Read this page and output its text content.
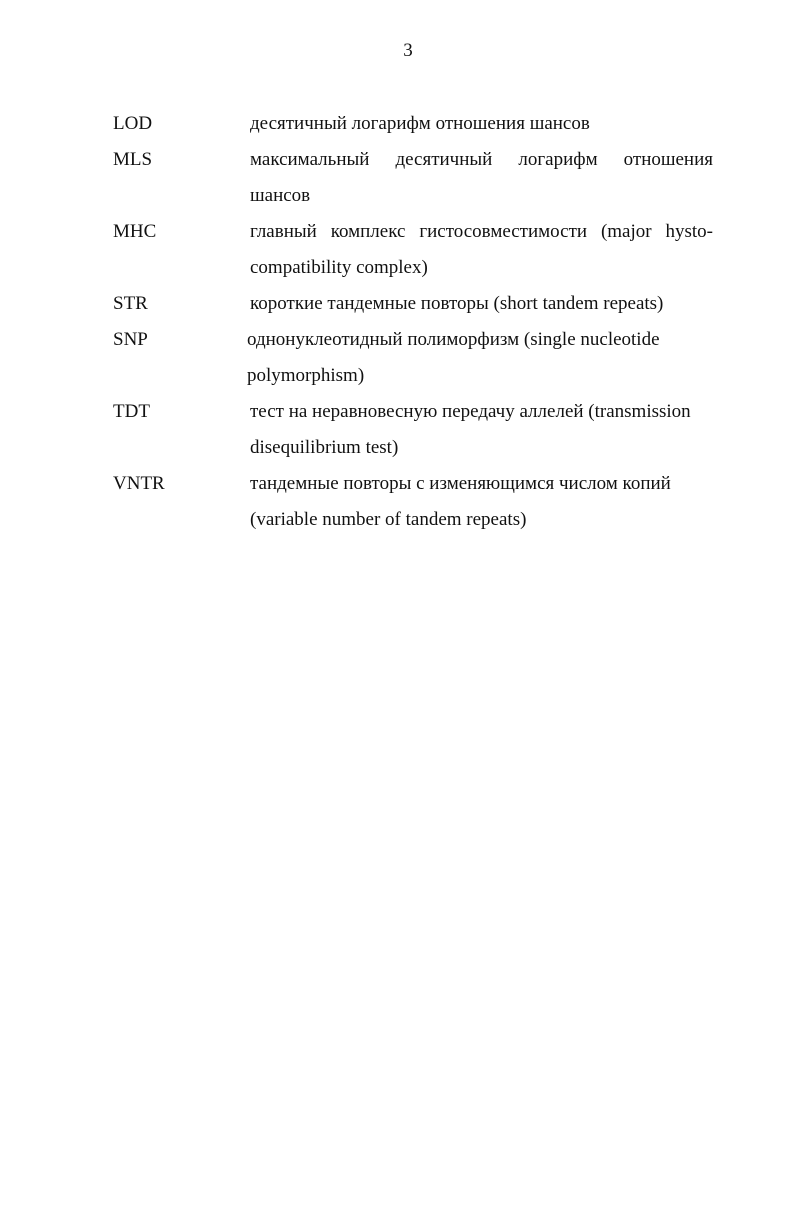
3
LOD	десятичный логарифм отношения шансов
MLS	максимальный десятичный логарифм отношения шансов
MHC	главный комплекс гистосовместимости (major hysto-compatibility complex)
STR	короткие тандемные повторы (short tandem repeats)
SNP	однонуклеотидный полиморфизм (single nucleotide polymorphism)
TDT	тест на неравновесную передачу аллелей (transmission disequilibrium test)
VNTR	тандемные повторы с изменяющимся числом копий (variable number of tandem repeats)
